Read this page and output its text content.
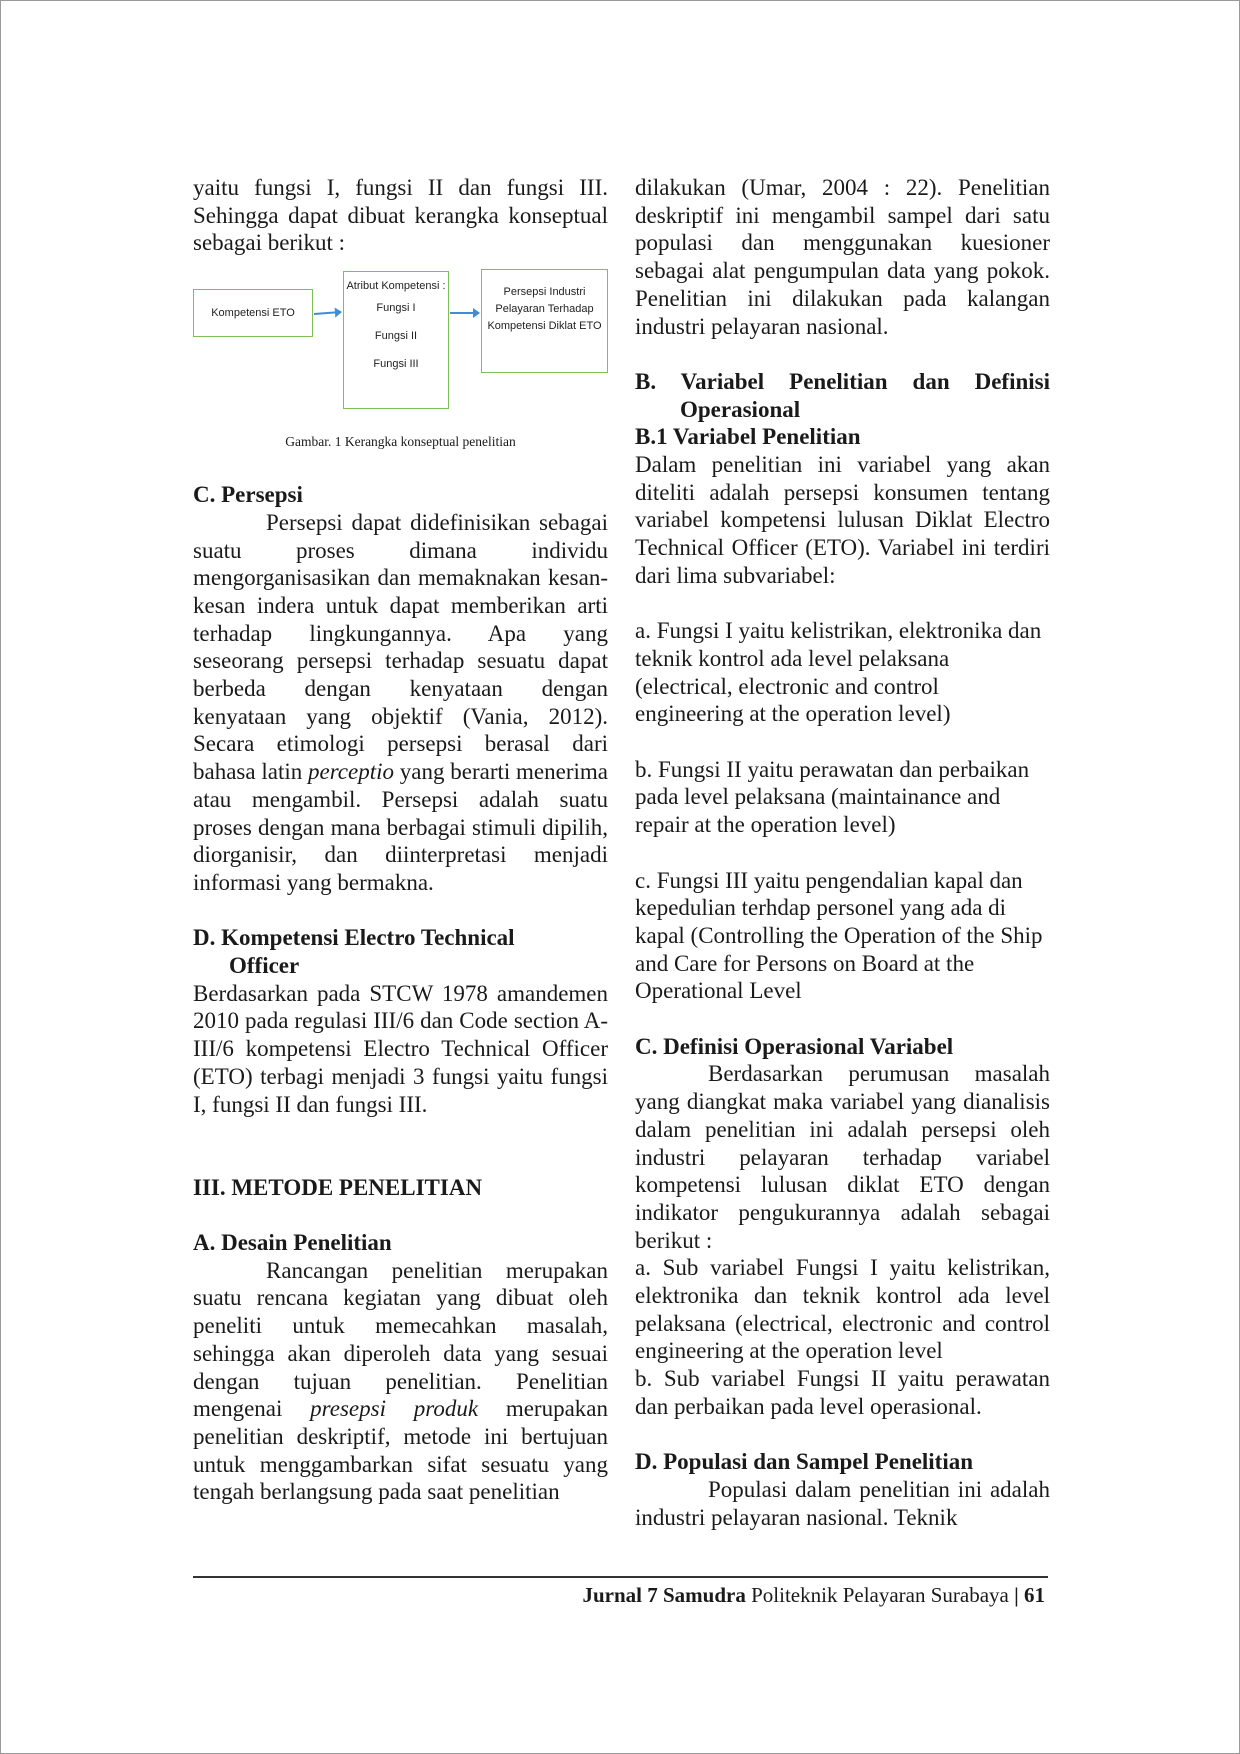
yaitu fungsi I, fungsi II dan fungsi III. Sehingga dapat dibuat kerangka konseptual sebagai berikut :

Kompetensi ETO
Atribut Kompetensi :
Fungsi I
Fungsi II
Fungsi III
Persepsi Industri Pelayaran Terhadap Kompetensi Diklat ETO

Gambar. 1 Kerangka konseptual penelitian

C. Persepsi

Persepsi dapat didefinisikan sebagai suatu proses dimana individu mengorganisasikan dan memaknakan kesan-kesan indera untuk dapat memberikan arti terhadap lingkungannya. Apa yang seseorang persepsi terhadap sesuatu dapat berbeda dengan kenyataan dengan kenyataan yang objektif (Vania, 2012). Secara etimologi persepsi berasal dari bahasa latin perceptio yang berarti menerima atau mengambil. Persepsi adalah suatu proses dengan mana berbagai stimuli dipilih, diorganisir, dan diinterpretasi menjadi informasi yang bermakna.

D. Kompetensi Electro Technical

Officer

Berdasarkan pada STCW 1978 amandemen 2010 pada regulasi III/6 dan Code section A-III/6 kompetensi Electro Technical Officer (ETO) terbagi menjadi 3 fungsi yaitu fungsi I, fungsi II dan fungsi III.

III. METODE PENELITIAN

A. Desain Penelitian

Rancangan penelitian merupakan suatu rencana kegiatan yang dibuat oleh peneliti untuk memecahkan masalah, sehingga akan diperoleh data yang sesuai dengan tujuan penelitian. Penelitian mengenai presepsi produk merupakan penelitian deskriptif, metode ini bertujuan untuk menggambarkan sifat sesuatu yang tengah berlangsung pada saat penelitian

dilakukan (Umar, 2004 : 22). Penelitian deskriptif ini mengambil sampel dari satu populasi dan menggunakan kuesioner sebagai alat pengumpulan data yang pokok. Penelitian ini dilakukan pada kalangan industri pelayaran nasional.

B. Variabel Penelitian dan Definisi Operasional

B.1 Variabel Penelitian

Dalam penelitian ini variabel yang akan diteliti adalah persepsi konsumen tentang variabel kompetensi lulusan Diklat Electro Technical Officer (ETO). Variabel ini terdiri dari lima subvariabel:

a. Fungsi I yaitu kelistrikan, elektronika dan teknik kontrol ada level pelaksana (electrical, electronic and control engineering at the operation level)

b. Fungsi II yaitu perawatan dan perbaikan pada level pelaksana (maintainance and repair at the operation level)

c. Fungsi III yaitu pengendalian kapal dan kepedulian terhdap personel yang ada di kapal (Controlling the Operation of the Ship and Care for Persons on Board at the Operational Level

C. Definisi Operasional Variabel

Berdasarkan perumusan masalah yang diangkat maka variabel yang dianalisis dalam penelitian ini adalah persepsi oleh industri pelayaran terhadap variabel kompetensi lulusan diklat ETO dengan indikator pengukurannya adalah sebagai berikut :

a. Sub variabel Fungsi I yaitu kelistrikan, elektronika dan teknik kontrol ada level pelaksana (electrical, electronic and control engineering at the operation level

b. Sub variabel Fungsi II yaitu perawatan dan perbaikan pada level operasional.

D. Populasi dan Sampel Penelitian

Populasi dalam penelitian ini adalah industri pelayaran nasional. Teknik

Jurnal 7 Samudra Politeknik Pelayaran Surabaya | 61
